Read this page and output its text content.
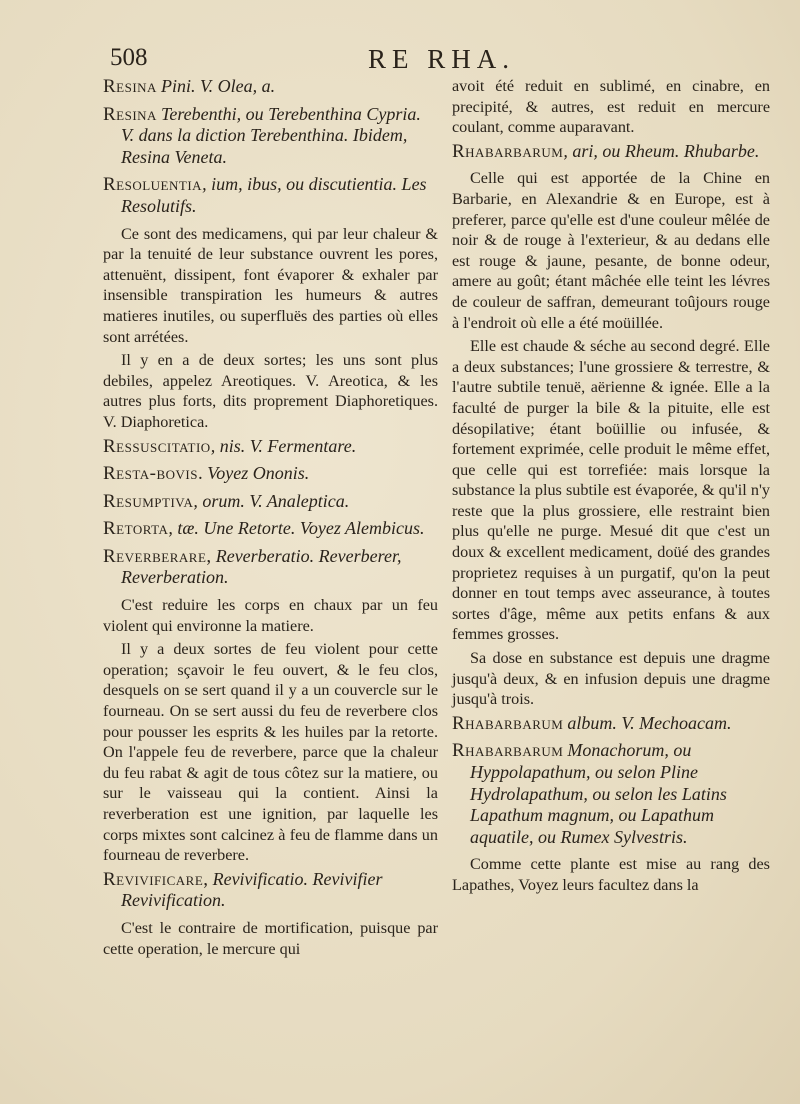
508	RE RHA.
Resina Pini. V. Olea, a.
Resina Terebenthi, ou Terebenthina Cypria. V. dans la diction Terebenthina. Ibidem, Resina Veneta.
Resoluentia, ium, ibus, ou discutientia. Les Resolutifs.

Ce sont des medicamens, qui par leur chaleur & par la tenuité de leur substance ouvrent les pores, attenuënt, dissipent, font évaporer & exhaler par insensible transpiration les humeurs & autres matieres inutiles, ou superfluës des parties où elles sont arrétées.

Il y en a de deux sortes; les uns sont plus debiles, appelez Areotiques. V. Areotica, & les autres plus forts, dits proprement Diaphoretiques. V. Diaphoretica.

Ressuscitatio, nis. V. Fermentare.
Resta-bovis. Voyez Ononis.
Resumptiva, orum. V. Analeptica.
Retorta, tæ. Une Retorte. Voyez Alembicus.
Reverberare, Reverberatio. Reverberer, Reverberation.

C'est reduire les corps en chaux par un feu violent qui environne la matiere.

Il y a deux sortes de feu violent pour cette operation; sçavoir le feu ouvert, & le feu clos, desquels on se sert quand il y a un couvercle sur le fourneau. On se sert aussi du feu de reverbere clos pour pousser les esprits & les huiles par la retorte. On l'appele feu de reverbere, parce que la chaleur du feu rabat & agit de tous côtez sur la matiere, ou sur le vaisseau qui la contient. Ainsi la reverberation est une ignition, par laquelle les corps mixtes sont calcinez à feu de flamme dans un fourneau de reverbere.

Revivificare, Revivificatio. Revivifier Revivification.

C'est le contraire de mortification, puisque par cette operation, le mercure qui

avoit été reduit en sublimé, en cinabre, en precipité, & autres, est reduit en mercure coulant, comme auparavant.

Rhabarbarum, ari, ou Rheum. Rhubarbe.

Celle qui est apportée de la Chine en Barbarie, en Alexandrie & en Europe, est à preferer, parce qu'elle est d'une couleur mêlée de noir & de rouge à l'exterieur, & au dedans elle est rouge & jaune, pesante, de bonne odeur, amere au goût; étant mâchée elle teint les lévres de couleur de saffran, demeurant toûjours rouge à l'endroit où elle a été moüillée.

Elle est chaude & séche au second degré. Elle a deux substances; l'une grossiere & terrestre, & l'autre subtile tenuë, aërienne & ignée. Elle a la faculté de purger la bile & la pituite, elle est désopilative; étant boüillie ou infusée, & fortement exprimée, celle produit le même effet, que celle qui est torrefiée: mais lorsque la substance la plus subtile est évaporée, & qu'il n'y reste que la plus grossiere, elle restraint bien plus qu'elle ne purge. Mesué dit que c'est un doux & excellent medicament, doüé des grandes proprietez requises à un purgatif, qu'on la peut donner en tout temps avec asseurance, à toutes sortes d'âge, même aux petits enfans & aux femmes grosses.

Sa dose en substance est depuis une dragme jusqu'à deux, & en infusion depuis une dragme jusqu'à trois.

Rhabarbarum album. V. Mechoacam.
Rhabarbarum Monachorum, ou Hyppolapathum, ou selon Pline Hydrolapathum, ou selon les Latins Lapathum magnum, ou Lapathum aquatile, ou Rumex Sylvestris.

Comme cette plante est mise au rang des Lapathes, Voyez leurs facultez dans la
